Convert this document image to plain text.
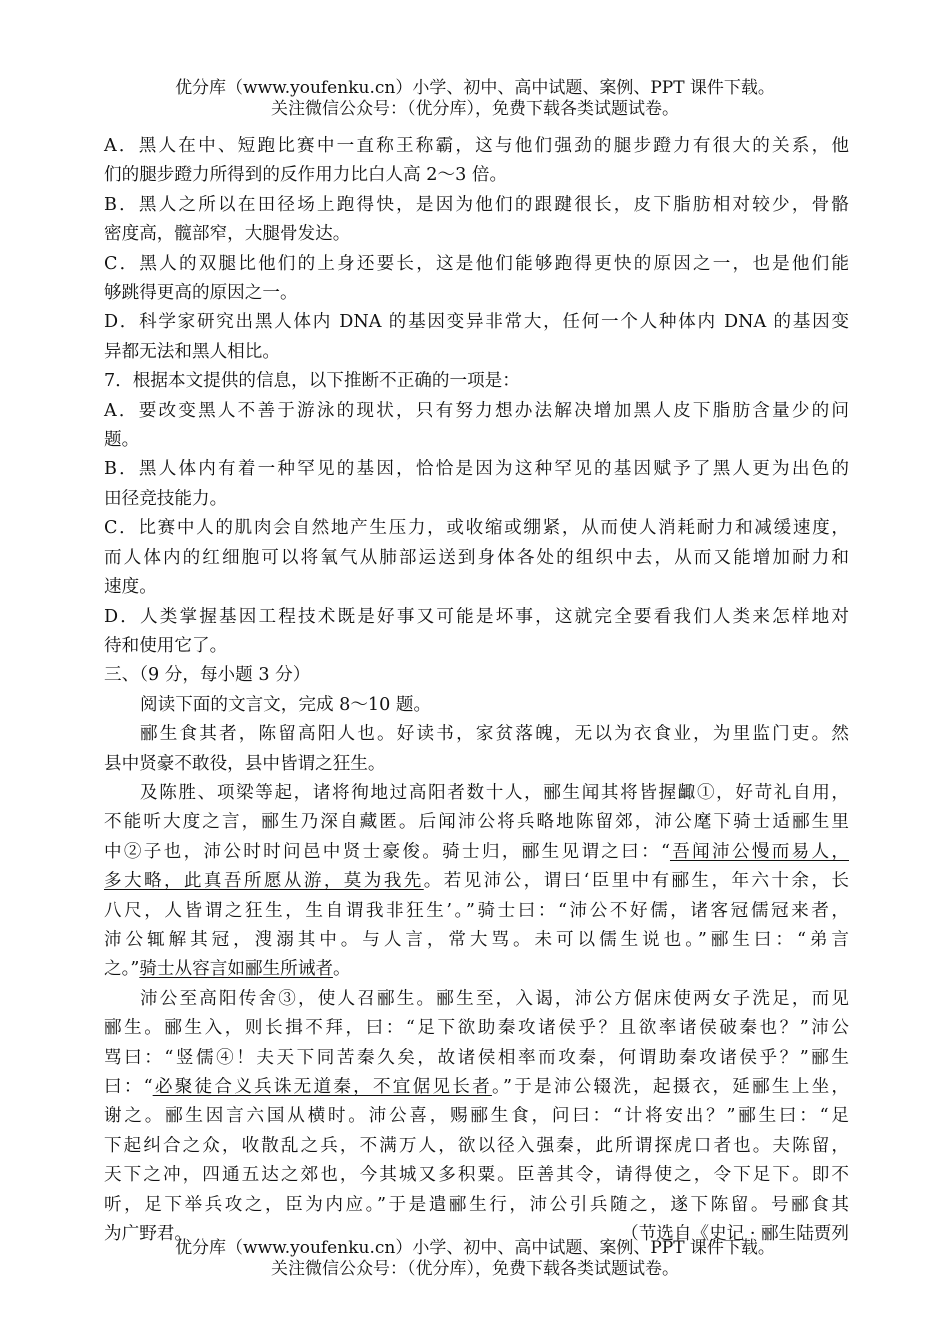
优分库（www.youfenku.cn）小学、初中、高中试题、案例、PPT 课件下载。
关注微信公众号：（优分库），免费下载各类试题试卷。

A．黑人在中、短跑比赛中一直称王称霸，这与他们强劲的腿步蹬力有很大的关系，他

们的腿步蹬力所得到的反作用力比白人高 2～3 倍。

B．黑人之所以在田径场上跑得快，是因为他们的跟踺很长，皮下脂肪相对较少，骨骼

密度高，髋部窄，大腿骨发达。

C．黑人的双腿比他们的上身还要长，这是他们能够跑得更快的原因之一，也是他们能

够跳得更高的原因之一。

D．科学家研究出黑人体内 DNA 的基因变异非常大，任何一个人种体内 DNA 的基因变

异都无法和黑人相比。

7．根据本文提供的信息，以下推断不正确的一项是：

A．要改变黑人不善于游泳的现状，只有努力想办法解决增加黑人皮下脂肪含量少的问

题。

B．黑人体内有着一种罕见的基因，恰恰是因为这种罕见的基因赋予了黑人更为出色的

田径竞技能力。

C．比赛中人的肌肉会自然地产生压力，或收缩或绷紧，从而使人消耗耐力和减缓速度，

而人体内的红细胞可以将氧气从肺部运送到身体各处的组织中去，从而又能增加耐力和

速度。

D．人类掌握基因工程技术既是好事又可能是坏事，这就完全要看我们人类来怎样地对

待和使用它了。

三、（9 分，每小题 3 分）

阅读下面的文言文，完成 8～10 题。

郦生食其者，陈留高阳人也。好读书，家贫落魄，无以为衣食业，为里监门吏。然

县中贤豪不敢役，县中皆谓之狂生。

及陈胜、项梁等起，诸将徇地过高阳者数十人，郦生闻其将皆握齱①，好苛礼自用，

不能听大度之言，郦生乃深自藏匿。后闻沛公将兵略地陈留郊，沛公麾下骑士适郦生里

中②子也，沛公时时问邑中贤士豪俊。骑士归，郦生见谓之曰：“吾闻沛公慢而易人，

多大略，此真吾所愿从游，莫为我先。若见沛公，谓曰‘臣里中有郦生，年六十余，长

八尺，人皆谓之狂生，生自谓我非狂生’。”骑士曰：“沛公不好儒，诸客冠儒冠来者，

沛公辄解其冠，溲溺其中。与人言，常大骂。未可以儒生说也。”郦生曰：“弟言

之。”骑士从容言如郦生所诫者。

沛公至高阳传舍③，使人召郦生。郦生至，入谒，沛公方倨床使两女子洗足，而见

郦生。郦生入，则长揖不拜，曰：“足下欲助秦攻诸侯乎？且欲率诸侯破秦也？”沛公

骂曰：“竖儒④！夫天下同苦秦久矣，故诸侯相率而攻秦，何谓助秦攻诸侯乎？”郦生

曰：“必聚徒合义兵诛无道秦，不宜倨见长者。”于是沛公辍洗，起摄衣，延郦生上坐，

谢之。郦生因言六国从横时。沛公喜，赐郦生食，问曰：“计将安出？”郦生曰：“足

下起纠合之众，收散乱之兵，不满万人，欲以径入强秦，此所谓探虎口者也。夫陈留，

天下之冲，四通五达之郊也，今其城又多积粟。臣善其令，请得使之，令下足下。即不

听，足下举兵攻之，臣为内应。”于是遣郦生行，沛公引兵随之，遂下陈留。号郦食其

为广野君。	（节选自《史记 · 郦生陆贾列
优分库（www.youfenku.cn）小学、初中、高中试题、案例、PPT 课件下载。
关注微信公众号：（优分库），免费下载各类试题试卷。
